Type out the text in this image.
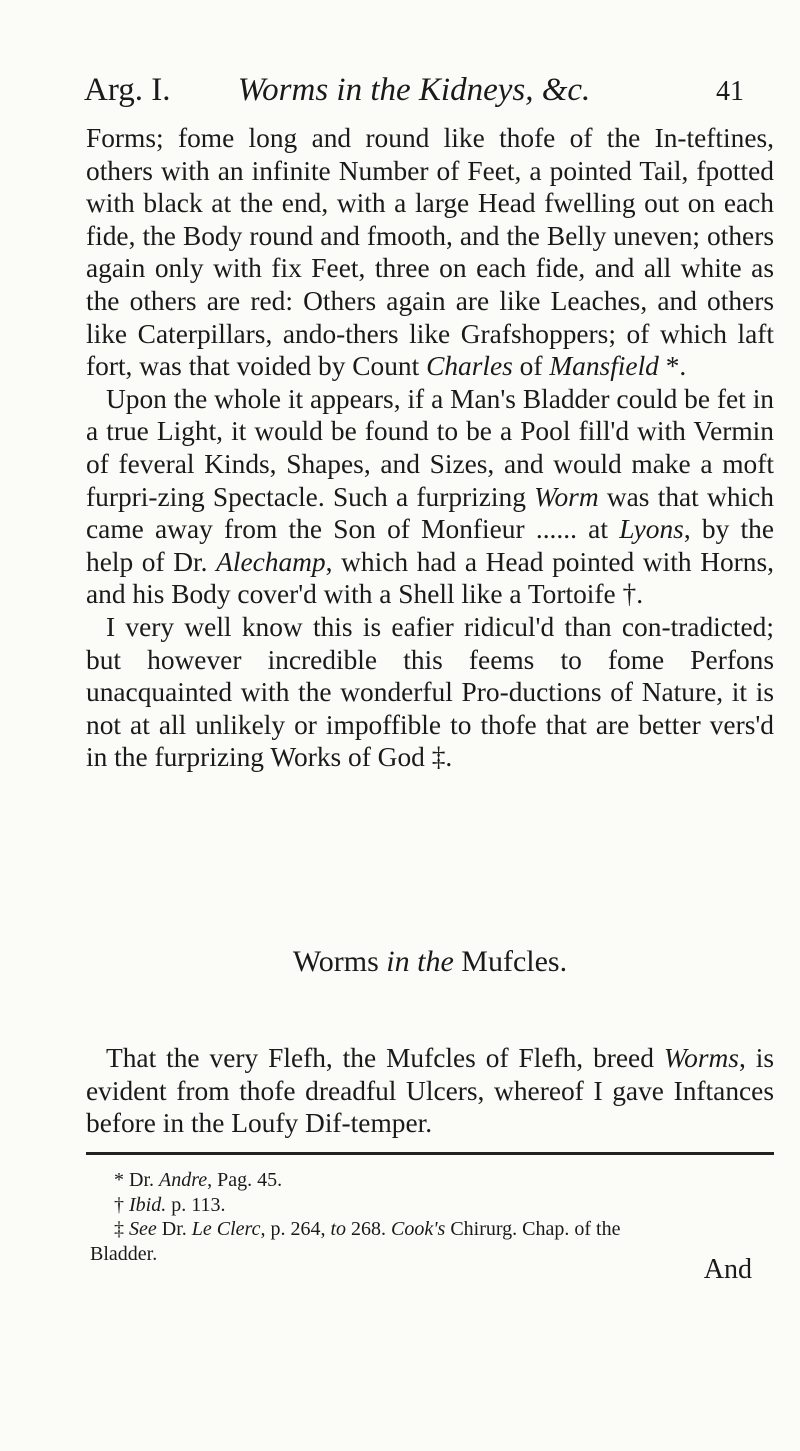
Arg. I.	Worms in the Kidneys, &c.	41

Forms; fome long and round like thofe of the In-teftines, others with an infinite Number of Feet, a pointed Tail, fpotted with black at the end, with a large Head fwelling out on each fide, the Body round and fmooth, and the Belly uneven; others again only with fix Feet, three on each fide, and all white as the others are red: Others again are like Leaches, and others like Caterpillars, ando-thers like Grafshoppers; of which laft fort, was that voided by Count Charles of Mansfield *.

Upon the whole it appears, if a Man's Bladder could be fet in a true Light, it would be found to be a Pool fill'd with Vermin of feveral Kinds, Shapes, and Sizes, and would make a moft furpri-zing Spectacle. Such a furprizing Worm was that which came away from the Son of Monfieur ...... at Lyons, by the help of Dr. Alechamp, which had a Head pointed with Horns, and his Body cover'd with a Shell like a Tortoife †.

I very well know this is eafier ridicul'd than con-tradicted; but however incredible this feems to fome Perfons unacquainted with the wonderful Pro-ductions of Nature, it is not at all unlikely or impoffible to thofe that are better vers'd in the furprizing Works of God ‡.

Worms in the Mufcles.

That the very Flefh, the Mufcles of Flefh, breed Worms, is evident from thofe dreadful Ulcers, whereof I gave Inftances before in the Loufy Dif-temper.

* Dr. Andre, Pag. 45.
† Ibid. p. 113.
‡ See Dr. Le Clerc, p. 264, to 268. Cook's Chirurg. Chap. of the
Bladder.
And
